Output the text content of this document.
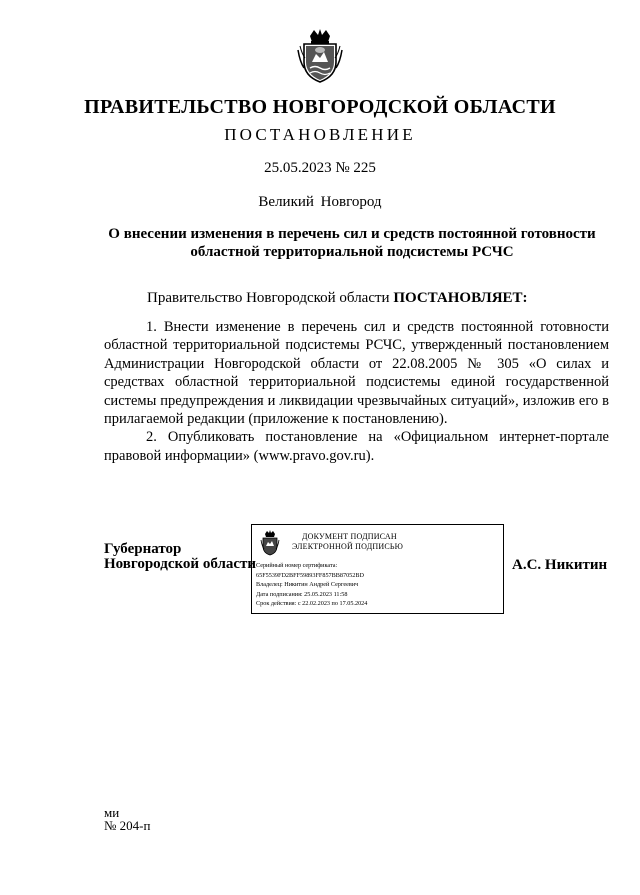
ПРАВИТЕЛЬСТВО НОВГОРОДСКОЙ ОБЛАСТИ
ПОСТАНОВЛЕНИЕ
25.05.2023 № 225
Великий Новгород
О внесении изменения в перечень сил и средств постоянной готовности
областной территориальной подсистемы РСЧС
Правительство Новгородской области ПОСТАНОВЛЯЕТ:

1. Внести изменение в перечень сил и средств постоянной готовности областной территориальной подсистемы РСЧС, утвержденный постановлением Администрации Новгородской области от 22.08.2005 № 305 «О силах и средствах областной территориальной подсистемы единой государственной системы предупреждения и ликвидации чрезвычайных ситуаций», изложив его в прилагаемой редакции (приложение к постановлению).

2. Опубликовать постановление на «Официальном интернет-портале правовой информации» (www.pravo.gov.ru).

Губернатор
Новгородской области
ДОКУМЕНТ ПОДПИСАН
ЭЛЕКТРОННОЙ ПОДПИСЬЮ
Серийный номер сертификата:
65F5539FD2BFF59893FF857BB87052BD
Владелец: Никитин Андрей Сергеевич
Дата подписания: 25.05.2023 11:58
Срок действия: с 22.02.2023 по 17.05.2024
А.С. Никитин
ми
№ 204-п
